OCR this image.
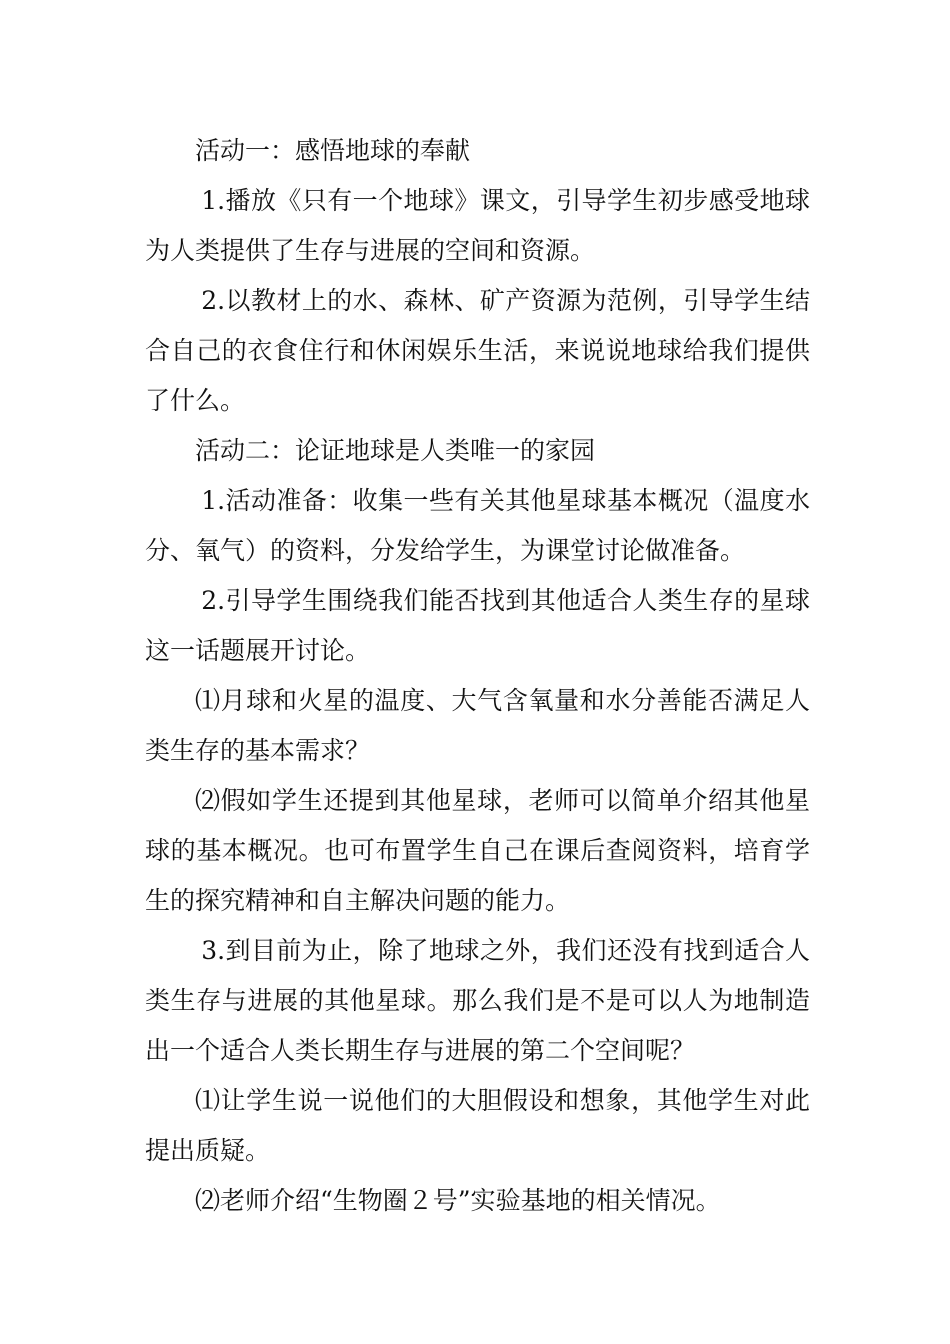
活动一：感悟地球的奉献

1.播放《只有一个地球》课文，引导学生初步感受地球为人类提供了生存与进展的空间和资源。

2.以教材上的水、森林、矿产资源为范例，引导学生结合自己的衣食住行和休闲娱乐生活，来说说地球给我们提供了什么。

活动二：论证地球是人类唯一的家园

1.活动准备：收集一些有关其他星球基本概况（温度水分、氧气）的资料，分发给学生，为课堂讨论做准备。

2.引导学生围绕我们能否找到其他适合人类生存的星球这一话题展开讨论。

⑴月球和火星的温度、大气含氧量和水分善能否满足人类生存的基本需求？

⑵假如学生还提到其他星球，老师可以简单介绍其他星球的基本概况。也可布置学生自己在课后查阅资料，培育学生的探究精神和自主解决问题的能力。

3.到目前为止，除了地球之外，我们还没有找到适合人类生存与进展的其他星球。那么我们是不是可以人为地制造出一个适合人类长期生存与进展的第二个空间呢？

⑴让学生说一说他们的大胆假设和想象，其他学生对此提出质疑。

⑵老师介绍“生物圈２号”实验基地的相关情况。
